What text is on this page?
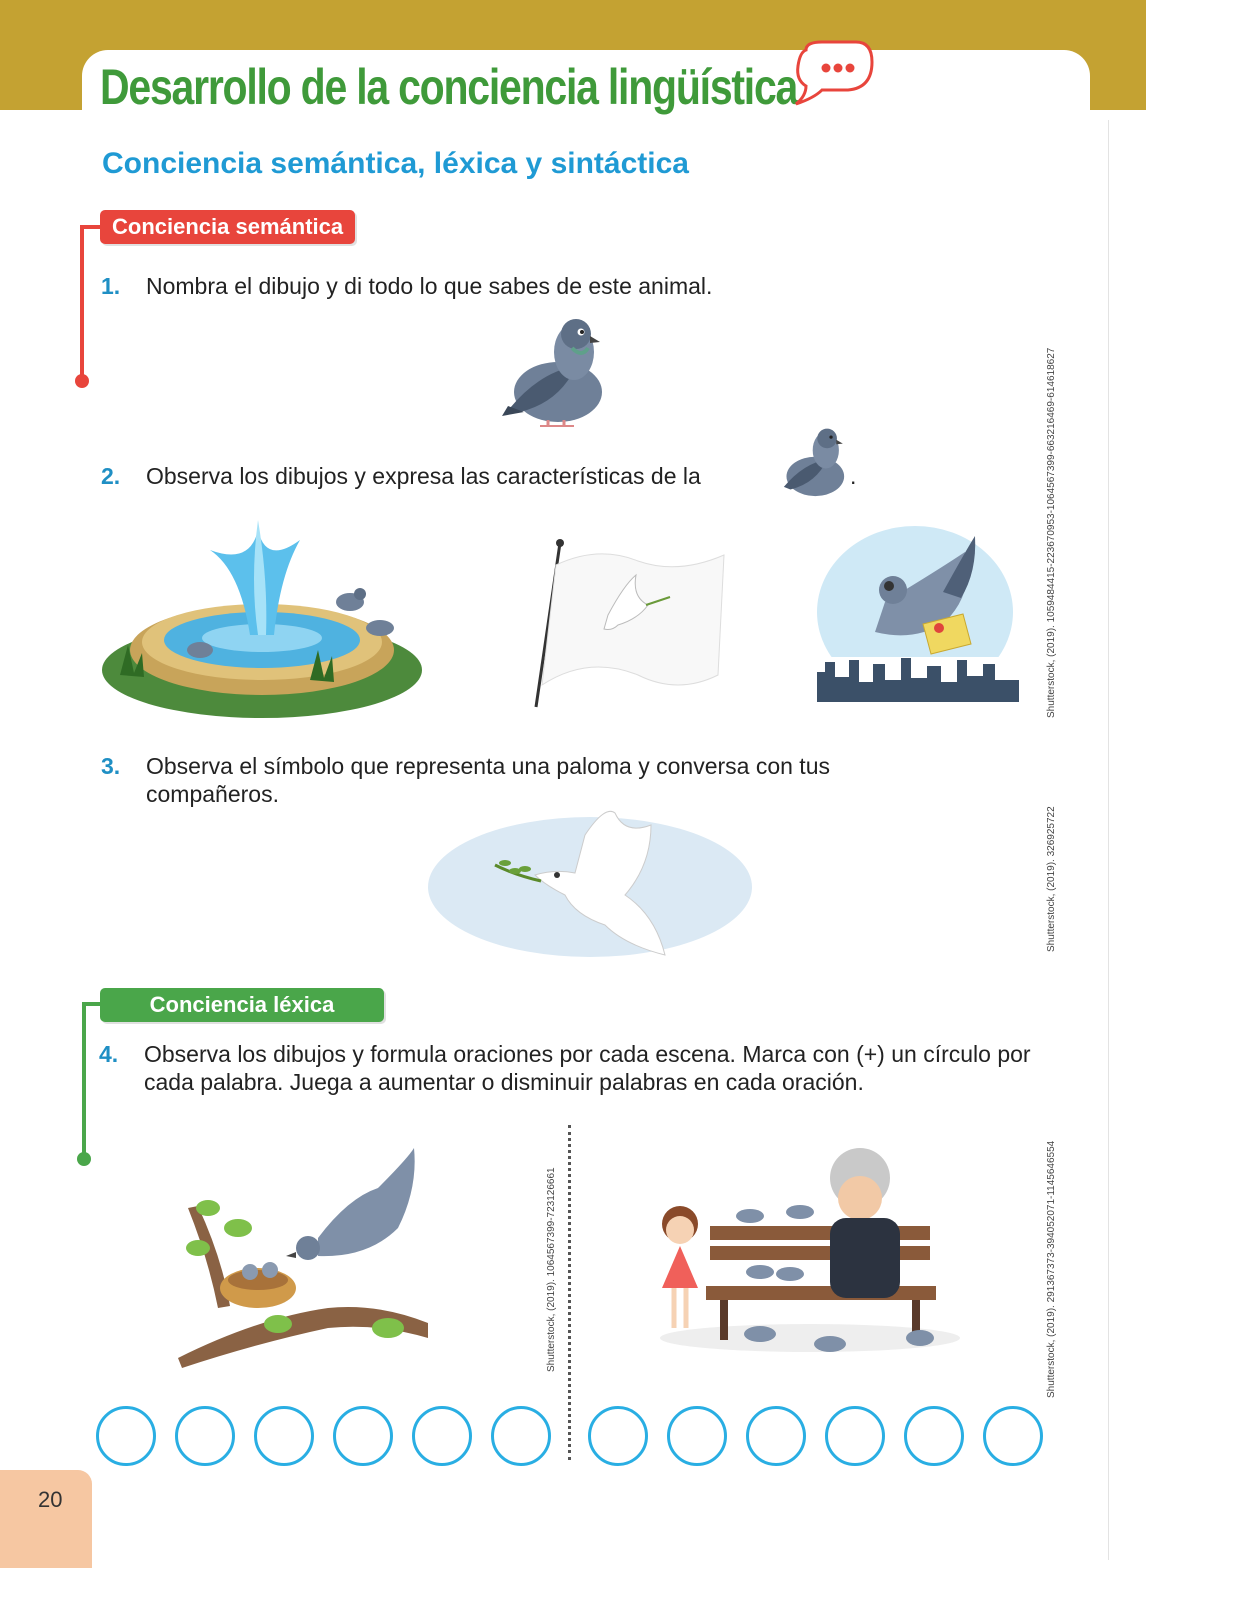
Desarrollo de la conciencia lingüística
Conciencia semántica, léxica y sintáctica
Conciencia semántica
1. Nombra el dibujo y di todo lo que sabes de este animal.
2. Observa los dibujos y expresa las características de la	.
3. Observa el símbolo que representa una paloma y conversa con tus compañeros.
Conciencia léxica
4. Observa los dibujos y formula oraciones por cada escena. Marca con (+) un círculo por cada palabra. Juega a aumentar o disminuir palabras en cada oración.
Shutterstock, (2019). 1064567399-723126661
Shutterstock, (2019). 1059484415-223670953-1064567399-663216469-614618627
Shutterstock, (2019). 326925722
Shutterstock, (2019). 291367373-394052071-1145646554
20
